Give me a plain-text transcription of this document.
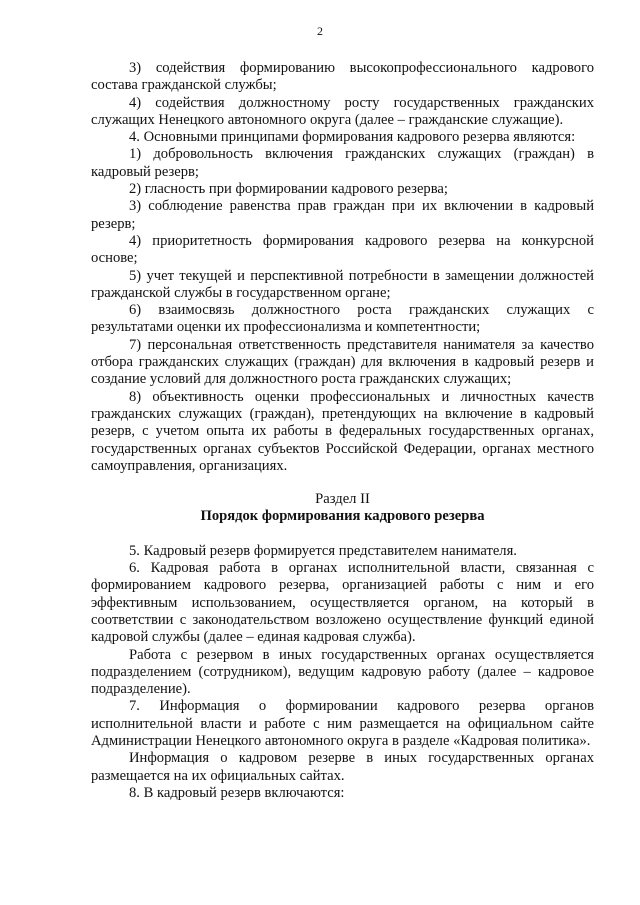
2

3) содействия формированию высокопрофессионального кадрового состава гражданской службы;

4) содействия должностному росту государственных гражданских служащих Ненецкого автономного округа (далее – гражданские служащие).

4. Основными принципами формирования кадрового резерва являются:

1) добровольность включения гражданских служащих (граждан) в кадровый резерв;

2) гласность при формировании кадрового резерва;

3) соблюдение равенства прав граждан при их включении в кадровый резерв;

4) приоритетность формирования кадрового резерва на конкурсной основе;

5) учет текущей и перспективной потребности в замещении должностей гражданской службы в государственном органе;

6) взаимосвязь должностного роста гражданских служащих с результатами оценки их профессионализма и компетентности;

7) персональная ответственность представителя нанимателя за качество отбора гражданских служащих (граждан) для включения в кадровый резерв и создание условий для должностного роста гражданских служащих;

8) объективность оценки профессиональных и личностных качеств гражданских служащих (граждан), претендующих на включение в кадровый резерв, с учетом опыта их работы в федеральных государственных органах, государственных органах субъектов Российской Федерации, органах местного самоуправления, организациях.

Раздел II
Порядок формирования кадрового резерва

5. Кадровый резерв формируется представителем нанимателя.

6. Кадровая работа в органах исполнительной власти, связанная с формированием кадрового резерва, организацией работы с ним и его эффективным использованием, осуществляется органом, на который в соответствии с законодательством возложено осуществление функций единой кадровой службы (далее – единая кадровая служба).

Работа с резервом в иных государственных органах осуществляется подразделением (сотрудником), ведущим кадровую работу (далее – кадровое подразделение).

7. Информация о формировании кадрового резерва органов исполнительной власти и работе с ним размещается на официальном сайте Администрации Ненецкого автономного округа в разделе «Кадровая политика».

Информация о кадровом резерве в иных государственных органах размещается на их официальных сайтах.

8. В кадровый резерв включаются:
